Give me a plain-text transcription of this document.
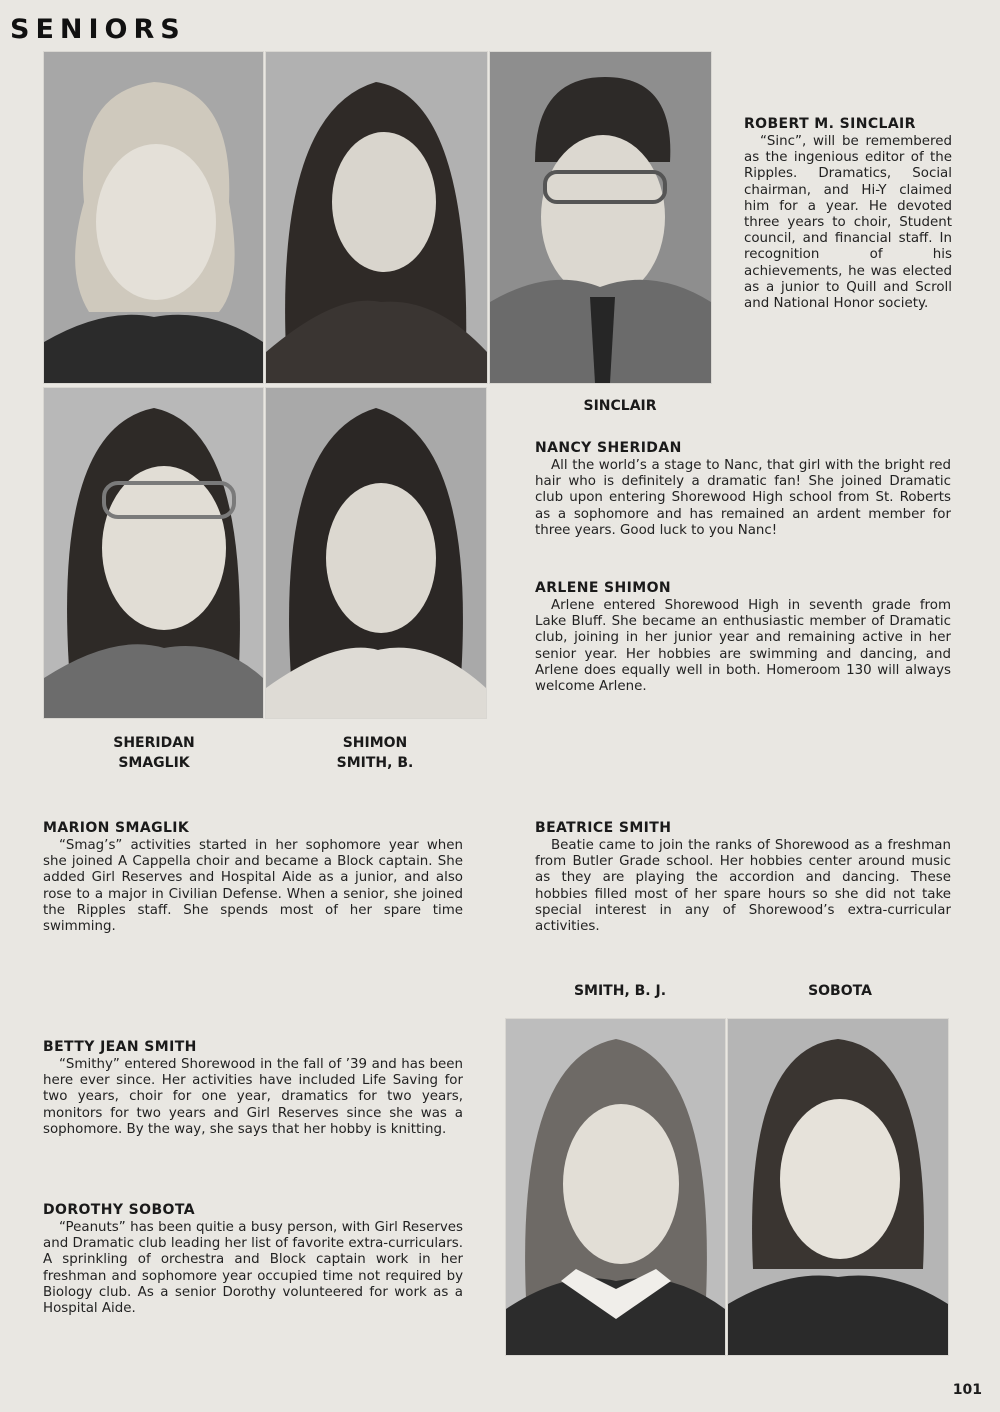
SENIORS

ROBERT M. SINCLAIR

“Sinc”, will be remembered as the ingenious editor of the Ripples. Dramatics, Social chairman, and Hi-Y claimed him for a year. He devoted three years to choir, Student council, and financial staff. In recognition of his achievements, he was elected as a junior to Quill and Scroll and National Honor society.

SINCLAIR

NANCY SHERIDAN

All the world’s a stage to Nanc, that girl with the bright red hair who is definitely a dramatic fan! She joined Dramatic club upon entering Shorewood High school from St. Roberts as a sophomore and has remained an ardent member for three years. Good luck to you Nanc!

ARLENE SHIMON

Arlene entered Shorewood High in seventh grade from Lake Bluff. She became an enthusiastic member of Dramatic club, joining in her junior year and remaining active in her senior year. Her hobbies are swimming and dancing, and Arlene does equally well in both. Homeroom 130 will always welcome Arlene.

SHERIDAN
SMAGLIK
SHIMON
SMITH, B.

MARION SMAGLIK

“Smag’s” activities started in her sophomore year when she joined A Cappella choir and became a Block captain. She added Girl Reserves and Hospital Aide as a junior, and also rose to a major in Civilian Defense. When a senior, she joined the Ripples staff. She spends most of her spare time swimming.

BEATRICE SMITH

Beatie came to join the ranks of Shorewood as a freshman from Butler Grade school. Her hobbies center around music as they are playing the accordion and dancing. These hobbies filled most of her spare hours so she did not take special interest in any of Shorewood’s extra-curricular activities.

SMITH, B. J.	SOBOTA

BETTY JEAN SMITH

“Smithy” entered Shorewood in the fall of ’39 and has been here ever since. Her activities have included Life Saving for two years, choir for one year, dramatics for two years, monitors for two years and Girl Reserves since she was a sophomore. By the way, she says that her hobby is knitting.

DOROTHY SOBOTA

“Peanuts” has been quitie a busy person, with Girl Reserves and Dramatic club leading her list of favorite extra-curriculars. A sprinkling of orchestra and Block captain work in her freshman and sophomore year occupied time not required by Biology club. As a senior Dorothy volunteered for work as a Hospital Aide.

101
